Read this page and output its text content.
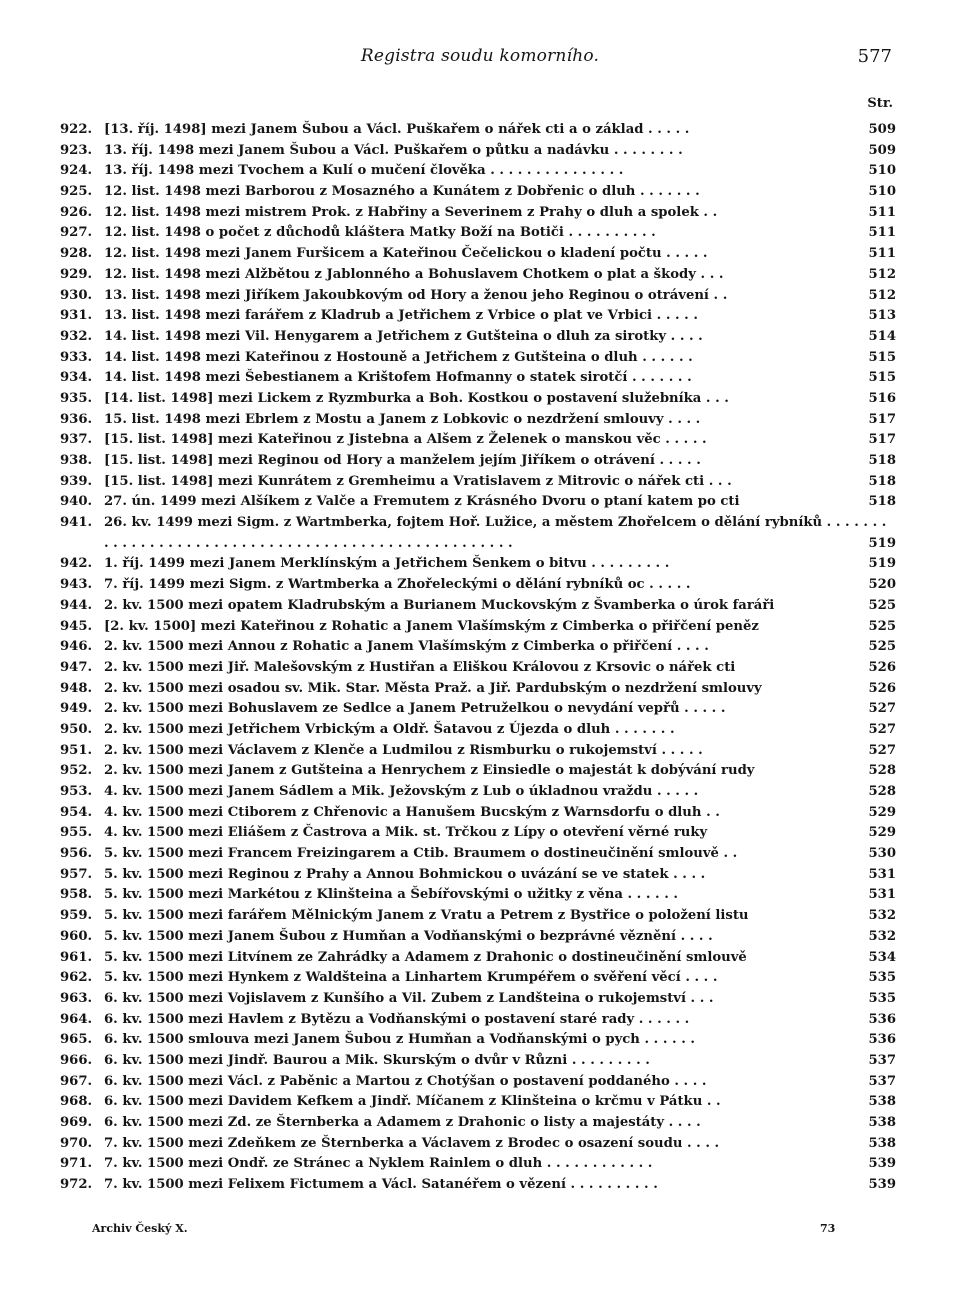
Registra soudu komorního.	577
Str.
922. [13. říj. 1498] mezi Janem Šubou a Václ. Puškařem o nářek cti a o základ . . . . .	509
923. 13. říj. 1498 mezi Janem Šubou a Václ. Puškařem o půtku a nadávku . . . . . . . .	509
924. 13. říj. 1498 mezi Tvochem a Kulí o mučení člověka . . . . . . . . . . . . . . .	510
925. 12. list. 1498 mezi Barborou z Mosazného a Kunátem z Dobřenic o dluh . . . . . . .	510
926. 12. list. 1498 mezi mistrem Prok. z Habřiny a Severinem z Prahy o dluh a spolek . .	511
927. 12. list. 1498 o počet z důchodů kláštera Matky Boží na Botiči . . . . . . . . . .	511
928. 12. list. 1498 mezi Janem Furšicem a Kateřinou Čečelickou o kladení počtu . . . . .	511
929. 12. list. 1498 mezi Alžbětou z Jablonného a Bohuslavem Chotkem o plat a škody . . .	512
930. 13. list. 1498 mezi Jiříkem Jakoubkovým od Hory a ženou jeho Reginou o otrávení . .	512
931. 13. list. 1498 mezi farářem z Kladrub a Jetřichem z Vrbice o plat ve Vrbici . . . . .	513
932. 14. list. 1498 mezi Vil. Henygarem a Jetřichem z Gutšteina o dluh za sirotky . . . .	514
933. 14. list. 1498 mezi Kateřinou z Hostouně a Jetřichem z Gutšteina o dluh . . . . . .	515
934. 14. list. 1498 mezi Šebestianem a Krištofem Hofmanny o statek sirotčí . . . . . . .	515
935. [14. list. 1498] mezi Lickem z Ryzmburka a Boh. Kostkou o postavení služebníka . . .	516
936. 15. list. 1498 mezi Ebrlem z Mostu a Janem z Lobkovic o nezdržení smlouvy . . . .	517
937. [15. list. 1498] mezi Kateřinou z Jistebna a Alšem z Želenek o manskou věc . . . . .	517
938. [15. list. 1498] mezi Reginou od Hory a manželem jejím Jiříkem o otrávení . . . . .	518
939. [15. list. 1498] mezi Kunrátem z Gremheimu a Vratislavem z Mitrovic o nářek cti . . .	518
940. 27. ún. 1499 mezi Alšíkem z Valče a Fremutem z Krásného Dvoru o ptaní katem po cti	518
941. 26. kv. 1499 mezi Sigm. z Wartmberka, fojtem Hoř. Lužice, a městem Zhořelcem o dělání rybníků . . . . . . . . . . . . . . . . . . . . . . . . . . . . . . . . . . . . . . . . . . . . . . . . . . . .	519
942. 1. říj. 1499 mezi Janem Merklínským a Jetřichem Šenkem o bitvu . . . . . . . . .	519
943. 7. říj. 1499 mezi Sigm. z Wartmberka a Zhořeleckými o dělání rybníků oc . . . . .	520
944. 2. kv. 1500 mezi opatem Kladrubským a Burianem Muckovským z Švamberka o úrok faráři	525
945. [2. kv. 1500] mezi Kateřinou z Rohatic a Janem Vlašímským z Cimberka o přiřčení peněz	525
946. 2. kv. 1500 mezi Annou z Rohatic a Janem Vlašímským z Cimberka o přiřčení . . . .	525
947. 2. kv. 1500 mezi Jiř. Malešovským z Hustiřan a Eliškou Královou z Krsovic o nářek cti	526
948. 2. kv. 1500 mezi osadou sv. Mik. Star. Města Praž. a Jiř. Pardubským o nezdržení smlouvy	526
949. 2. kv. 1500 mezi Bohuslavem ze Sedlce a Janem Petruželkou o nevydání vepřů . . . . .	527
950. 2. kv. 1500 mezi Jetřichem Vrbickým a Oldř. Šatavou z Újezda o dluh . . . . . . .	527
951. 2. kv. 1500 mezi Václavem z Klenče a Ludmilou z Rismburku o rukojemství . . . . .	527
952. 2. kv. 1500 mezi Janem z Gutšteina a Henrychem z Einsiedle o majestát k dobývání rudy	528
953. 4. kv. 1500 mezi Janem Sádlem a Mik. Ježovským z Lub o úkladnou vraždu . . . . .	528
954. 4. kv. 1500 mezi Ctiborem z Chřenovic a Hanušem Bucským z Warnsdorfu o dluh . .	529
955. 4. kv. 1500 mezi Eliášem z Častrova a Mik. st. Trčkou z Lípy o otevření věrné ruky	529
956. 5. kv. 1500 mezi Francem Freizingarem a Ctib. Braumem o dostineučinění smlouvě . .	530
957. 5. kv. 1500 mezi Reginou z Prahy a Annou Bohmickou o uvázání se ve statek . . . .	531
958. 5. kv. 1500 mezi Markétou z Klinšteina a Šebířovskými o užitky z věna . . . . . .	531
959. 5. kv. 1500 mezi farářem Mělnickým Janem z Vratu a Petrem z Bystřice o položení listu	532
960. 5. kv. 1500 mezi Janem Šubou z Humňan a Vodňanskými o bezprávné věznění . . . .	532
961. 5. kv. 1500 mezi Litvínem ze Zahrádky a Adamem z Drahonic o dostineučinění smlouvě	534
962. 5. kv. 1500 mezi Hynkem z Waldšteina a Linhartem Krumpéřem o svěření věcí . . . .	535
963. 6. kv. 1500 mezi Vojislavem z Kunšího a Vil. Zubem z Landšteina o rukojemství . . .	535
964. 6. kv. 1500 mezi Havlem z Bytězu a Vodňanskými o postavení staré rady . . . . . .	536
965. 6. kv. 1500 smlouva mezi Janem Šubou z Humňan a Vodňanskými o pych . . . . . .	536
966. 6. kv. 1500 mezi Jindř. Baurou a Mik. Skurským o dvůr v Různi . . . . . . . . .	537
967. 6. kv. 1500 mezi Václ. z Paběnic a Martou z Chotýšan o postavení poddaného . . . .	537
968. 6. kv. 1500 mezi Davidem Kefkem a Jindř. Míčanem z Klinšteina o krčmu v Pátku . .	538
969. 6. kv. 1500 mezi Zd. ze Šternberka a Adamem z Drahonic o listy a majestáty . . . .	538
970. 7. kv. 1500 mezi Zdeňkem ze Šternberka a Václavem z Brodec o osazení soudu . . . .	538
971. 7. kv. 1500 mezi Ondř. ze Stránec a Nyklem Rainlem o dluh . . . . . . . . . . . .	539
972. 7. kv. 1500 mezi Felixem Fictumem a Václ. Satanéřem o vězení . . . . . . . . . .	539
Archiv Český X.	73
